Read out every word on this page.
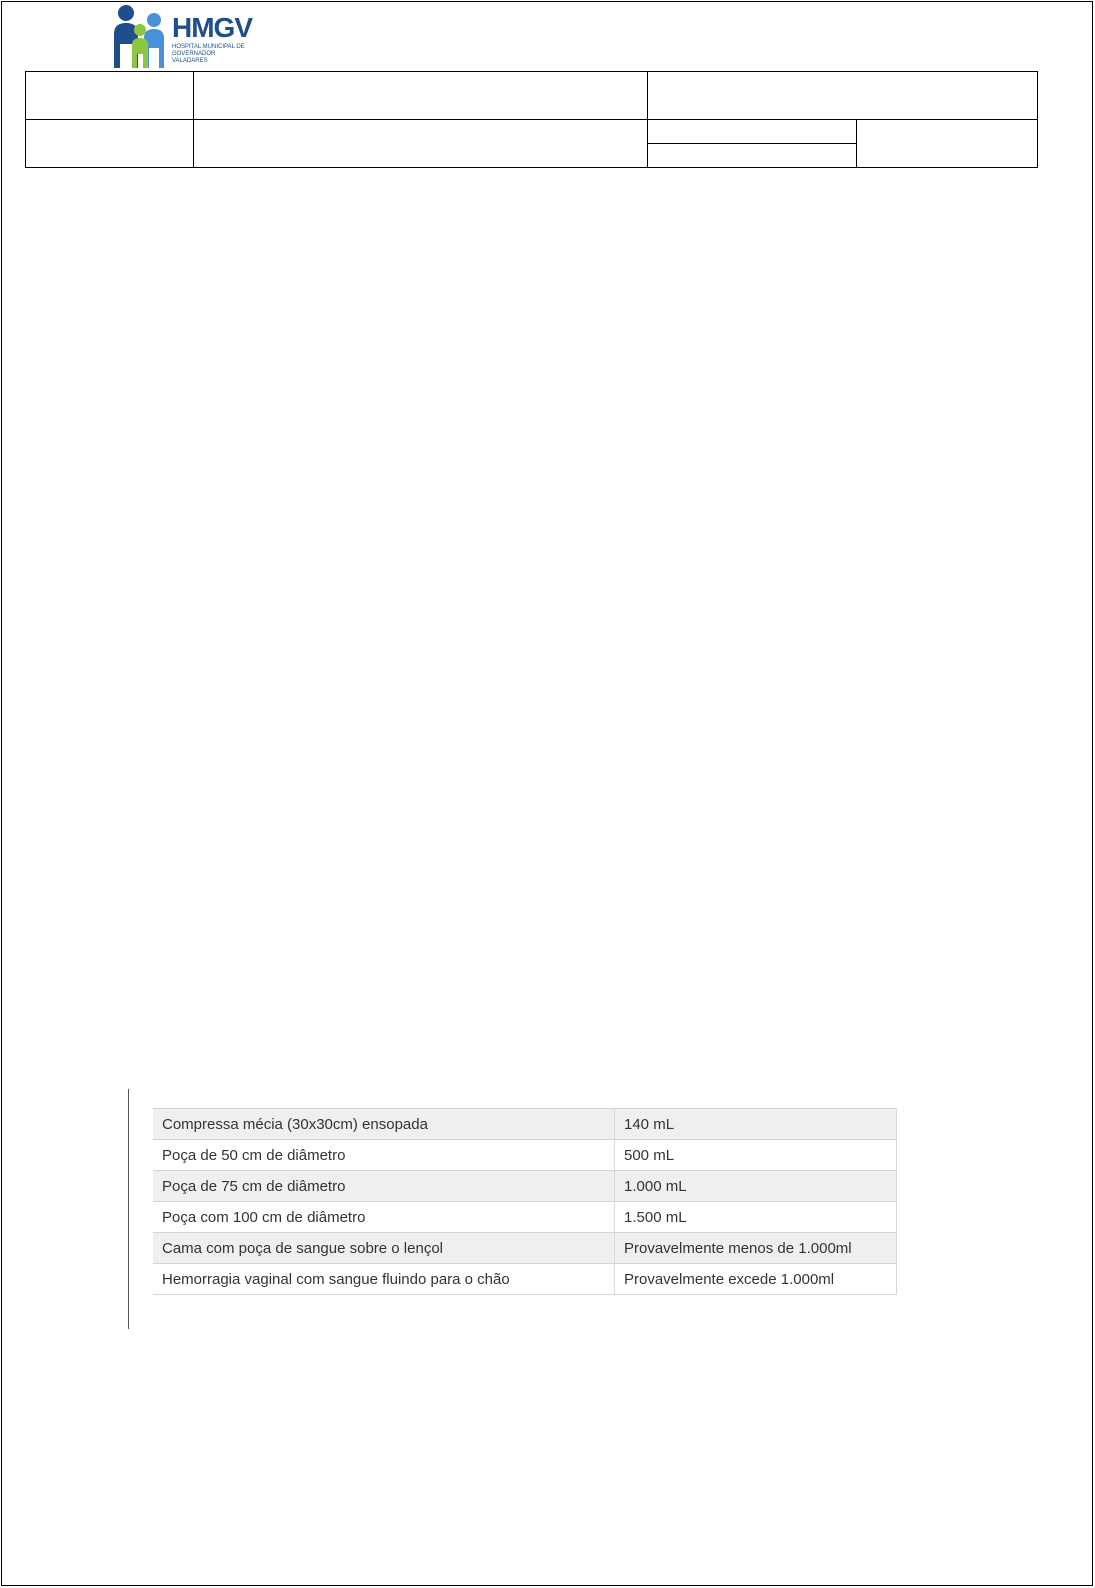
HMGV
HOSPITAL MUNICIPAL DE GOVERNADOR VALADARES

Compressa mécia (30x30cm) ensopada	140 mL
Poça de 50 cm de diâmetro	500 mL
Poça de 75 cm de diâmetro	1.000 mL
Poça com 100 cm de diâmetro	1.500 mL
Cama com poça de sangue sobre o lençol	Provavelmente menos de 1.000ml
Hemorragia vaginal com sangue fluindo para o chão	Provavelmente excede 1.000ml
